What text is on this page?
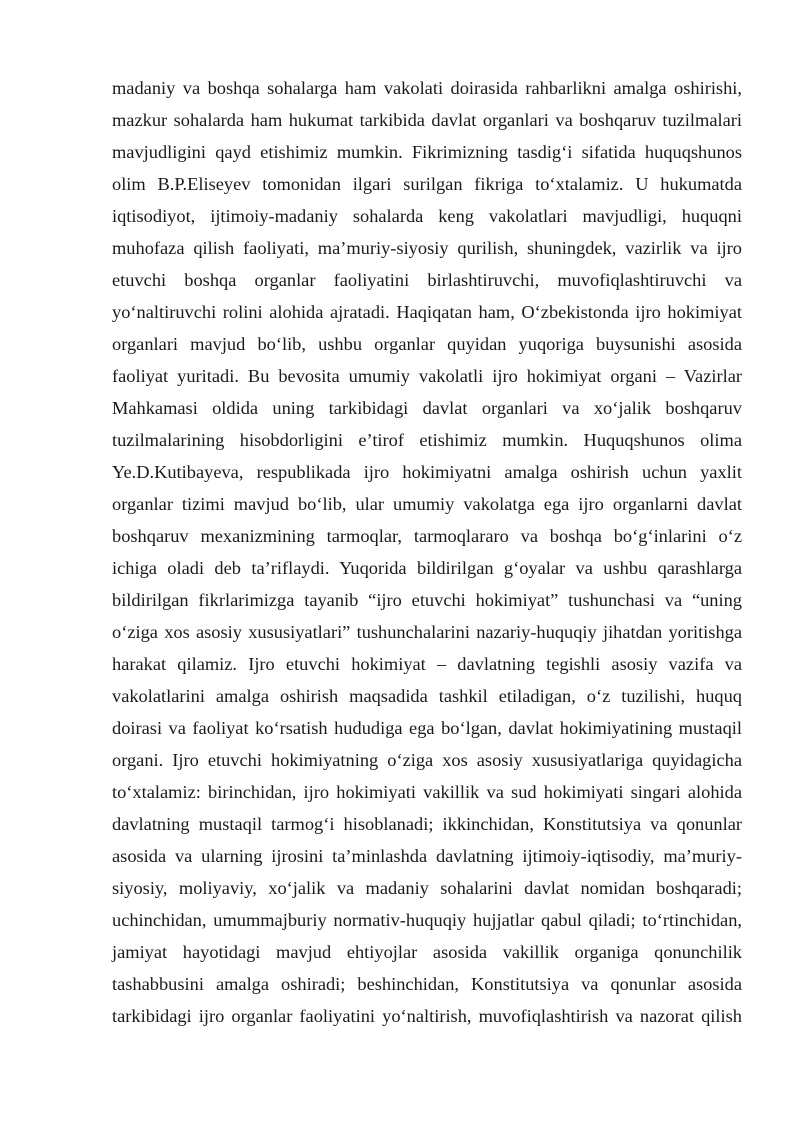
madaniy va boshqa sohalarga ham vakolati doirasida rahbarlikni amalga oshirishi,
mazkur sohalarda ham hukumat tarkibida davlat organlari va boshqaruv tuzilmalari
mavjudligini qayd etishimiz mumkin. Fikrimizning tasdig‘i sifatida huquqshunos
olim B.P.Eliseyev tomonidan ilgari surilgan fikriga to‘xtalamiz. U hukumatda
iqtisodiyot, ijtimoiy-madaniy sohalarda keng vakolatlari mavjudligi, huquqni
muhofaza qilish faoliyati, ma’muriy-siyosiy qurilish, shuningdek, vazirlik va ijro
etuvchi boshqa organlar faoliyatini birlashtiruvchi, muvofiqlashtiruvchi va
yo‘naltiruvchi rolini alohida ajratadi. Haqiqatan ham, O‘zbekistonda ijro hokimiyat
organlari mavjud bo‘lib, ushbu organlar quyidan yuqoriga buysunishi asosida
faoliyat yuritadi. Bu bevosita umumiy vakolatli ijro hokimiyat organi – Vazirlar
Mahkamasi oldida uning tarkibidagi davlat organlari va xo‘jalik boshqaruv
tuzilmalarining hisobdorligini e’tirof etishimiz mumkin. Huquqshunos olima
Ye.D.Kutibayeva, respublikada ijro hokimiyatni amalga oshirish uchun yaxlit
organlar tizimi mavjud bo‘lib, ular umumiy vakolatga ega ijro organlarni davlat
boshqaruv mexanizmining tarmoqlar, tarmoqlararo va boshqa bo‘g‘inlarini o‘z
ichiga oladi deb ta’riflaydi. Yuqorida bildirilgan g‘oyalar va ushbu qarashlarga
bildirilgan fikrlarimizga tayanib “ijro etuvchi hokimiyat” tushunchasi va “uning
o‘ziga xos asosiy xususiyatlari” tushunchalarini nazariy-huquqiy jihatdan yoritishga
harakat qilamiz. Ijro etuvchi hokimiyat – davlatning tegishli asosiy vazifa va
vakolatlarini amalga oshirish maqsadida tashkil etiladigan, o‘z tuzilishi, huquq
doirasi va faoliyat ko‘rsatish hududiga ega bo‘lgan, davlat hokimiyatining mustaqil
organi. Ijro etuvchi hokimiyatning o‘ziga xos asosiy xususiyatlariga quyidagicha
to‘xtalamiz: birinchidan, ijro hokimiyati vakillik va sud hokimiyati singari alohida
davlatning mustaqil tarmog‘i hisoblanadi; ikkinchidan, Konstitutsiya va qonunlar
asosida va ularning ijrosini ta’minlashda davlatning ijtimoiy-iqtisodiy, ma’muriy-
siyosiy, moliyaviy, xo‘jalik va madaniy sohalarini davlat nomidan boshqaradi;
uchinchidan, umummajburiy normativ-huquqiy hujjatlar qabul qiladi; to‘rtinchidan,
jamiyat hayotidagi mavjud ehtiyojlar asosida vakillik organiga qonunchilik
tashabbusini amalga oshiradi; beshinchidan, Konstitutsiya va qonunlar asosida
tarkibidagi ijro organlar faoliyatini yo‘naltirish, muvofiqlashtirish va nazorat qilish
